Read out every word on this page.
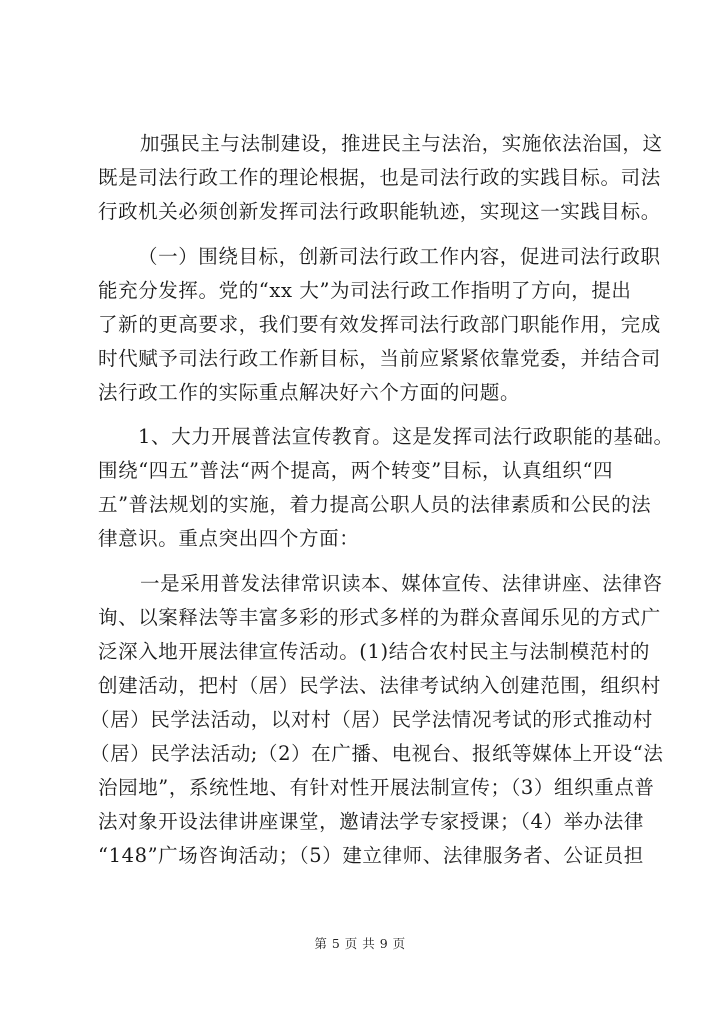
加强民主与法制建设，推进民主与法治，实施依法治国，这
既是司法行政工作的理论根据，也是司法行政的实践目标。司法
行政机关必须创新发挥司法行政职能轨迹，实现这一实践目标。
（一）围绕目标，创新司法行政工作内容，促进司法行政职
能充分发挥。党的“xx 大”为司法行政工作指明了方向，提出
了新的更高要求，我们要有效发挥司法行政部门职能作用，完成
时代赋予司法行政工作新目标，当前应紧紧依靠党委，并结合司
法行政工作的实际重点解决好六个方面的问题。
1、大力开展普法宣传教育。这是发挥司法行政职能的基础。
围绕“四五”普法“两个提高，两个转变”目标，认真组织“四
五”普法规划的实施，着力提高公职人员的法律素质和公民的法
律意识。重点突出四个方面：
一是采用普发法律常识读本、媒体宣传、法律讲座、法律咨
询、以案释法等丰富多彩的形式多样的为群众喜闻乐见的方式广
泛深入地开展法律宣传活动。(1)结合农村民主与法制模范村的
创建活动，把村（居）民学法、法律考试纳入创建范围，组织村
（居）民学法活动，以对村（居）民学法情况考试的形式推动村
（居）民学法活动;（2）在广播、电视台、报纸等媒体上开设“法
治园地”，系统性地、有针对性开展法制宣传；（3）组织重点普
法对象开设法律讲座课堂，邀请法学专家授课；（4）举办法律
“148”广场咨询活动；（5）建立律师、法律服务者、公证员担
第 5 页 共 9 页
